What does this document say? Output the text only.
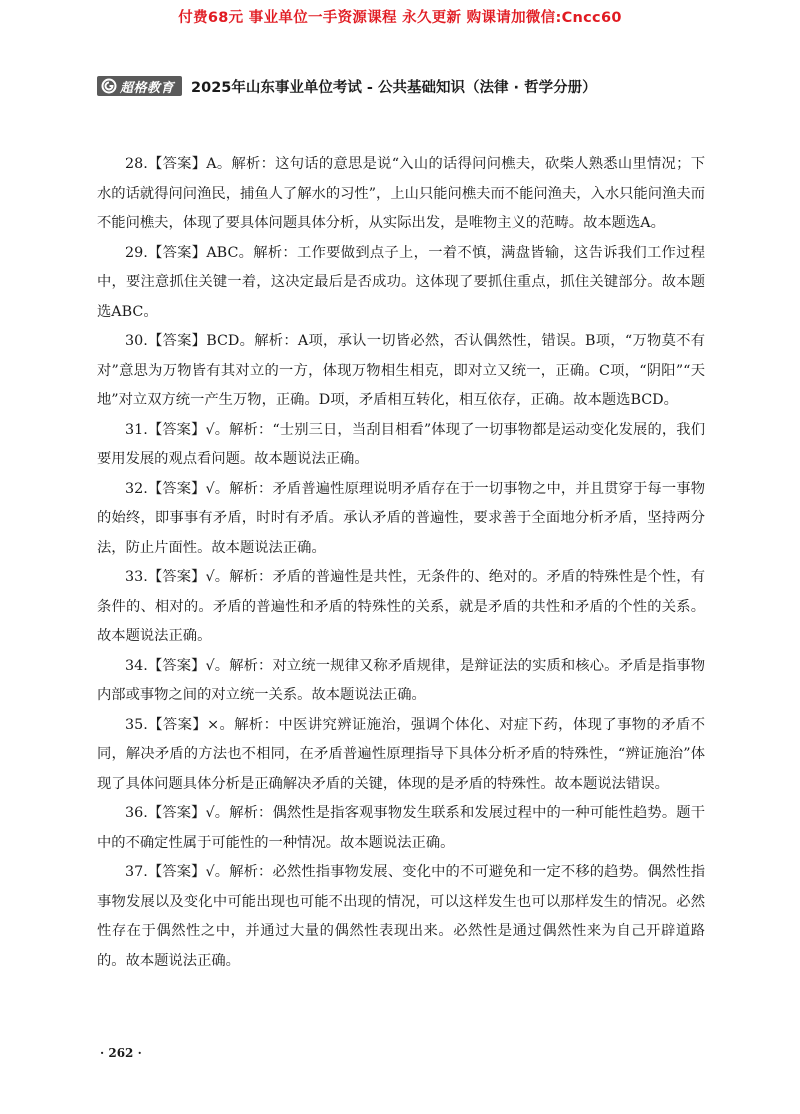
付费68元 事业单位一手资源课程 永久更新 购课请加微信:Cncc60
超格教育 2025年山东事业单位考试 - 公共基础知识（法律 · 哲学分册）

28.【答案】A。解析：这句话的意思是说“入山的话得问问樵夫，砍柴人熟悉山里情况；下水的话就得问问渔民，捕鱼人了解水的习性”，上山只能问樵夫而不能问渔夫，入水只能问渔夫而不能问樵夫，体现了要具体问题具体分析，从实际出发，是唯物主义的范畴。故本题选A。

29.【答案】ABC。解析：工作要做到点子上，一着不慎，满盘皆输，这告诉我们工作过程中，要注意抓住关键一着，这决定最后是否成功。这体现了要抓住重点，抓住关键部分。故本题选ABC。

30.【答案】BCD。解析：A项，承认一切皆必然，否认偶然性，错误。B项，“万物莫不有对”意思为万物皆有其对立的一方，体现万物相生相克，即对立又统一，正确。C项，“阴阳”“天地”对立双方统一产生万物，正确。D项，矛盾相互转化，相互依存，正确。故本题选BCD。

31.【答案】√。解析：“士别三日，当刮目相看”体现了一切事物都是运动变化发展的，我们要用发展的观点看问题。故本题说法正确。

32.【答案】√。解析：矛盾普遍性原理说明矛盾存在于一切事物之中，并且贯穿于每一事物的始终，即事事有矛盾，时时有矛盾。承认矛盾的普遍性，要求善于全面地分析矛盾，坚持两分法，防止片面性。故本题说法正确。

33.【答案】√。解析：矛盾的普遍性是共性，无条件的、绝对的。矛盾的特殊性是个性，有条件的、相对的。矛盾的普遍性和矛盾的特殊性的关系，就是矛盾的共性和矛盾的个性的关系。故本题说法正确。

34.【答案】√。解析：对立统一规律又称矛盾规律，是辩证法的实质和核心。矛盾是指事物内部或事物之间的对立统一关系。故本题说法正确。

35.【答案】×。解析：中医讲究辨证施治，强调个体化、对症下药，体现了事物的矛盾不同，解决矛盾的方法也不相同，在矛盾普遍性原理指导下具体分析矛盾的特殊性，“辨证施治”体现了具体问题具体分析是正确解决矛盾的关键，体现的是矛盾的特殊性。故本题说法错误。

36.【答案】√。解析：偶然性是指客观事物发生联系和发展过程中的一种可能性趋势。题干中的不确定性属于可能性的一种情况。故本题说法正确。

37.【答案】√。解析：必然性指事物发展、变化中的不可避免和一定不移的趋势。偶然性指事物发展以及变化中可能出现也可能不出现的情况，可以这样发生也可以那样发生的情况。必然性存在于偶然性之中，并通过大量的偶然性表现出来。必然性是通过偶然性来为自己开辟道路的。故本题说法正确。

· 262 ·
